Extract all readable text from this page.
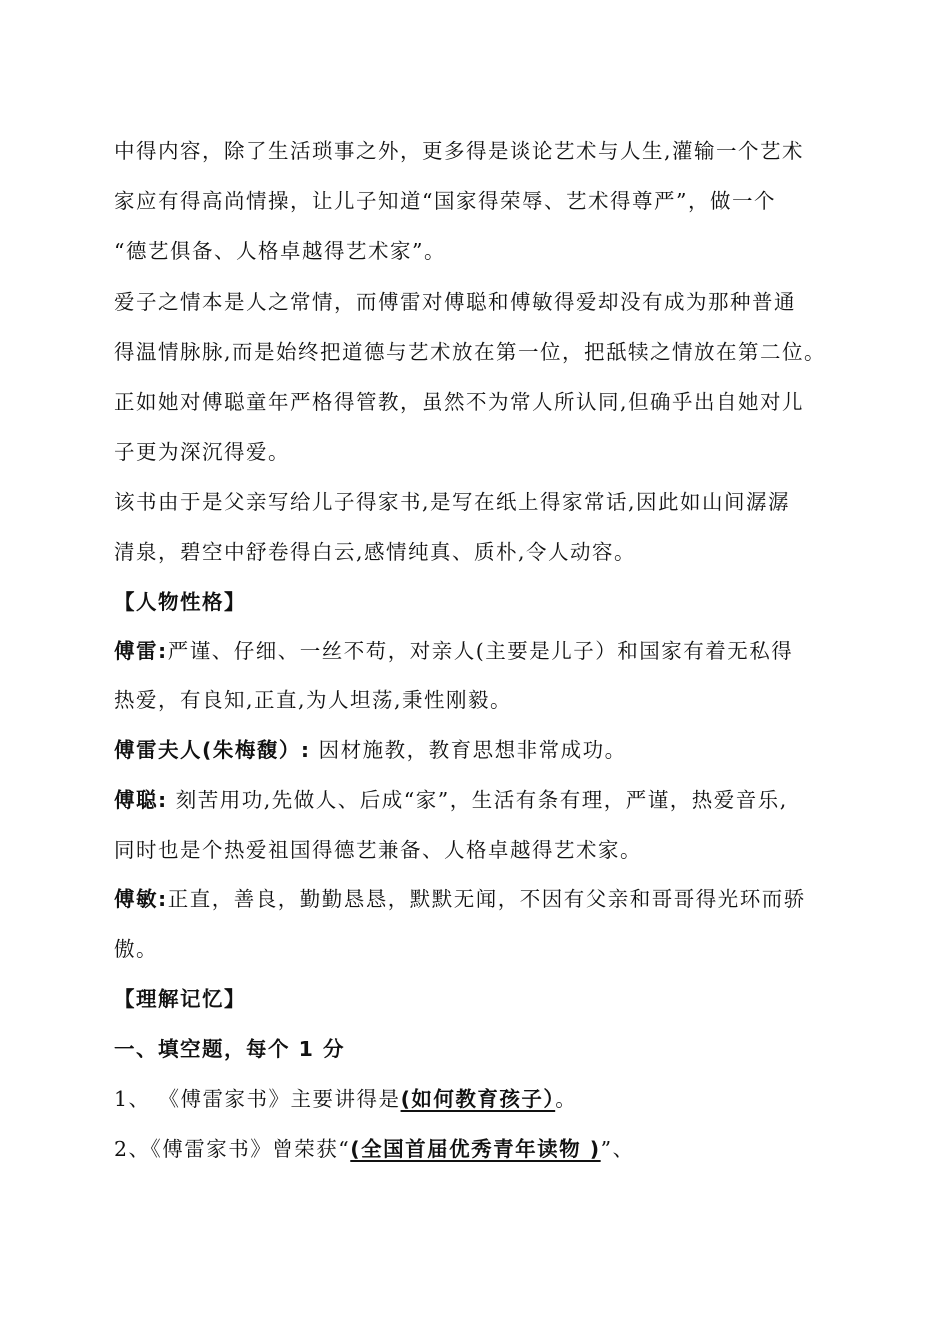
中得内容，除了生活琐事之外，更多得是谈论艺术与人生,灌输一个艺术
家应有得高尚情操，让儿子知道“国家得荣辱、艺术得尊严”，做一个
“德艺俱备、人格卓越得艺术家”。
爱子之情本是人之常情，而傅雷对傅聪和傅敏得爱却没有成为那种普通
得温情脉脉,而是始终把道德与艺术放在第一位，把舐犊之情放在第二位。
正如她对傅聪童年严格得管教，虽然不为常人所认同,但确乎出自她对儿
子更为深沉得爱。
该书由于是父亲写给儿子得家书,是写在纸上得家常话,因此如山间潺潺
清泉，碧空中舒卷得白云,感情纯真、质朴,令人动容。
【人物性格】
傅雷:严谨、仔细、一丝不苟，对亲人(主要是儿子）和国家有着无私得
热爱，有良知,正直,为人坦荡,秉性刚毅。
傅雷夫人(朱梅馥）: 因材施教，教育思想非常成功。
傅聪: 刻苦用功,先做人、后成“家”，生活有条有理，严谨，热爱音乐,
同时也是个热爱祖国得德艺兼备、人格卓越得艺术家。
傅敏:正直，善良，勤勤恳恳，默默无闻，不因有父亲和哥哥得光环而骄
傲。
【理解记忆】
一、填空题，每个 1 分
1、 《傅雷家书》主要讲得是(如何教育孩子）。
2、《傅雷家书》曾荣获“(全国首届优秀青年读物 )”、
